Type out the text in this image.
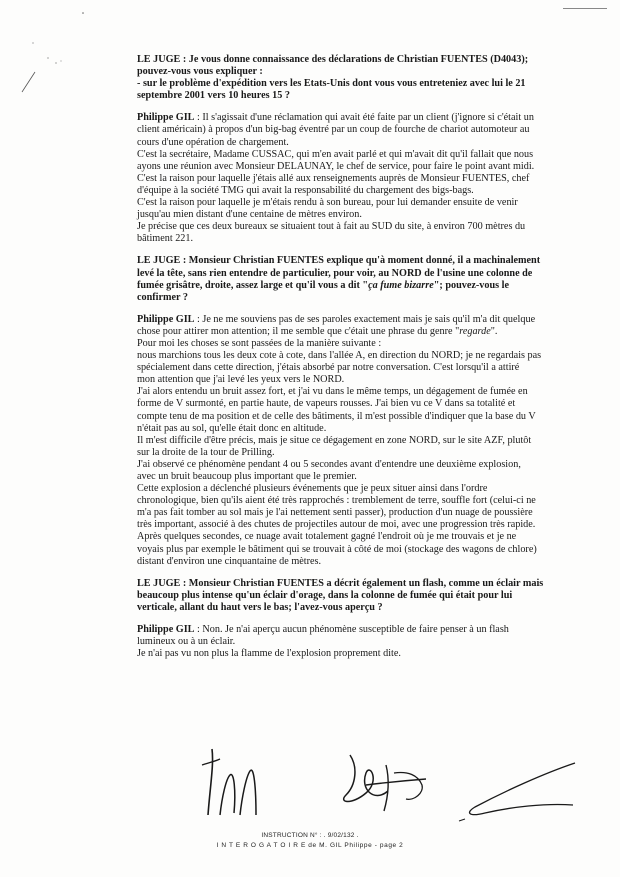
LE JUGE : Je vous donne connaissance des déclarations de Christian FUENTES (D4043);
pouvez-vous vous expliquer :
- sur le problème d'expédition vers les Etats-Unis dont vous vous entreteniez avec lui le 21
septembre 2001 vers 10 heures 15 ?
Philippe GIL : Il s'agissait d'une réclamation qui avait été faite par un client (j'ignore si c'était un
client américain) à propos d'un big-bag éventré par un coup de fourche de chariot automoteur au
cours d'une opération de chargement.
C'est la secrétaire, Madame CUSSAC, qui m'en avait parlé et qui m'avait dit qu'il fallait que nous
ayons une réunion avec Monsieur DELAUNAY, le chef de service, pour faire le point avant midi.
C'est la raison pour laquelle j'étais allé aux renseignements auprès de Monsieur FUENTES, chef
d'équipe à la société TMG qui avait la responsabilité du chargement des bigs-bags.
C'est la raison pour laquelle je m'étais rendu à son bureau, pour lui demander ensuite de venir
jusqu'au mien distant d'une centaine de mètres environ.
Je précise que ces deux bureaux se situaient tout à fait au SUD du site, à environ 700 mètres du
bâtiment 221.
LE JUGE : Monsieur Christian FUENTES explique qu'à moment donné, il a machinalement
levé la tête, sans rien entendre de particulier, pour voir, au NORD de l'usine une colonne de
fumée grisâtre, droite, assez large et qu'il vous a dit "ça fume bizarre"; pouvez-vous le
confirmer ?
Philippe GIL : Je ne me souviens pas de ses paroles exactement mais je sais qu'il m'a dit quelque
chose pour attirer mon attention; il me semble que c'était une phrase du genre "regarde".
Pour moi les choses se sont passées de la manière suivante :
nous marchions tous les deux cote à cote, dans l'allée A, en direction du NORD; je ne regardais pas
spécialement dans cette direction, j'étais absorbé par notre conversation. C'est lorsqu'il a attiré
mon attention que j'ai levé les yeux vers le NORD.
J'ai alors entendu un bruit assez fort, et j'ai vu dans le même temps, un dégagement de fumée en
forme de V surmonté, en partie haute, de vapeurs rousses. J'ai bien vu ce V dans sa totalité et
compte tenu de ma position et de celle des bâtiments, il m'est possible d'indiquer que la base du V
n'était pas au sol, qu'elle était donc en altitude.
Il m'est difficile d'être précis, mais je situe ce dégagement en zone NORD, sur le site AZF, plutôt
sur la droite de la tour de Prilling.
J'ai observé ce phénomène pendant 4 ou 5 secondes avant d'entendre une deuxième explosion,
avec un bruit beaucoup plus important que le premier.
Cette explosion a déclenché plusieurs événements que je peux situer ainsi dans l'ordre
chronologique, bien qu'ils aient été très rapprochés : tremblement de terre, souffle fort (celui-ci ne
m'a pas fait tomber au sol mais je l'ai nettement senti passer), production d'un nuage de poussière
très important, associé à des chutes de projectiles autour de moi, avec une progression très rapide.
Après quelques secondes, ce nuage avait totalement gagné l'endroit où je me trouvais et je ne
voyais plus par exemple le bâtiment qui se trouvait à côté de moi (stockage des wagons de chlore)
distant d'environ une cinquantaine de mètres.
LE JUGE : Monsieur Christian FUENTES a décrit également un flash, comme un éclair mais
beaucoup plus intense qu'un éclair d'orage, dans la colonne de fumée qui était pour lui
verticale, allant du haut vers le bas; l'avez-vous aperçu ?
Philippe GIL : Non. Je n'ai aperçu aucun phénomène susceptible de faire penser à un flash
lumineux ou à un éclair.
Je n'ai pas vu non plus la flamme de l'explosion proprement dite.
INSTRUCTION N° : . 9/02/132 .
I N T E R O G A T O I R E de M. GIL Philippe - page 2
